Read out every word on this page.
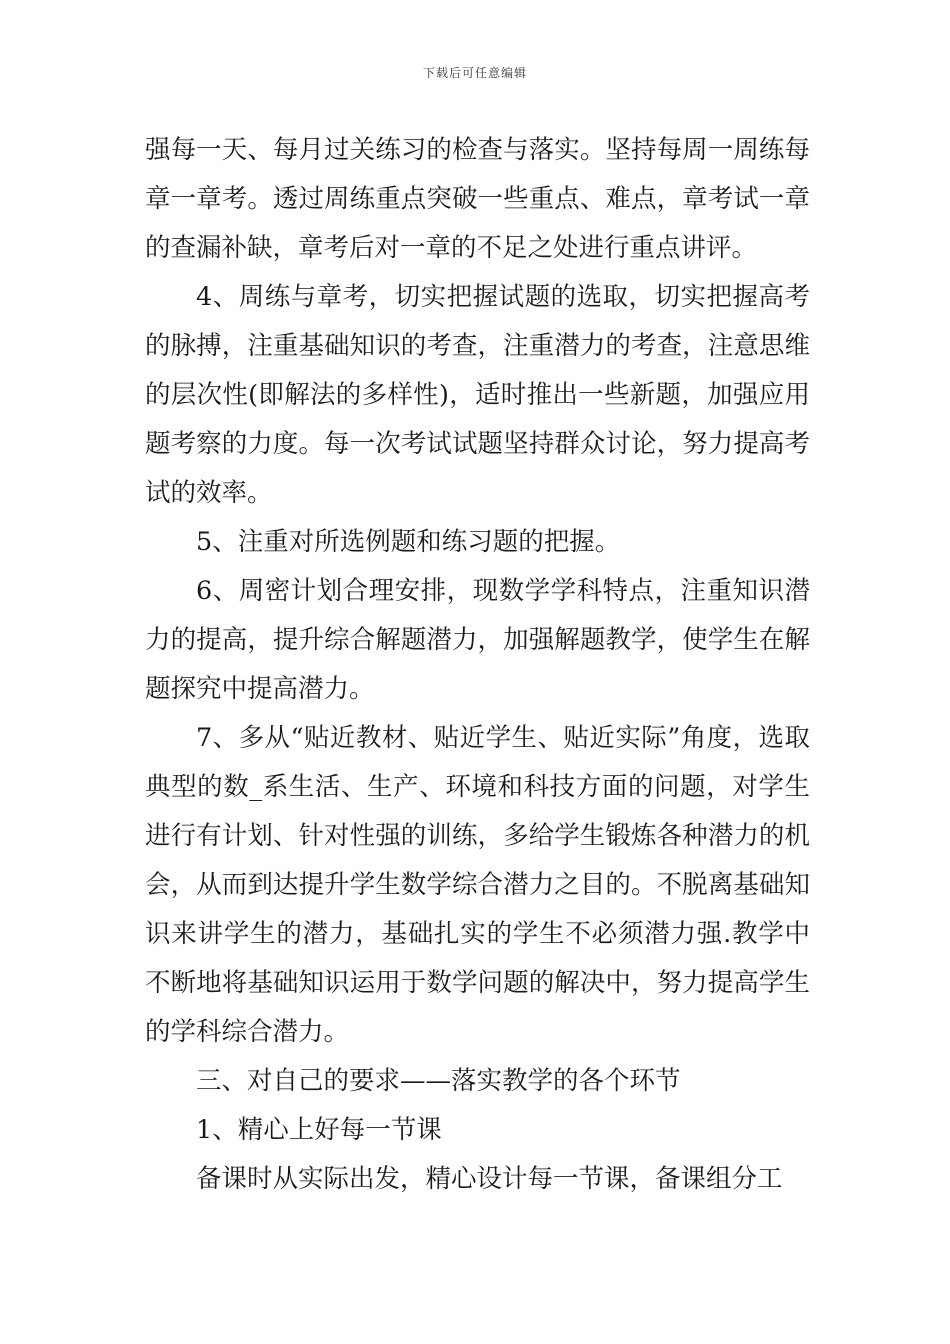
下载后可任意编辑

强每一天、每月过关练习的检查与落实。坚持每周一周练每章一章考。透过周练重点突破一些重点、难点，章考试一章的查漏补缺，章考后对一章的不足之处进行重点讲评。

4、周练与章考，切实把握试题的选取，切实把握高考的脉搏，注重基础知识的考查，注重潜力的考查，注意思维的层次性(即解法的多样性)，适时推出一些新题，加强应用题考察的力度。每一次考试试题坚持群众讨论，努力提高考试的效率。

5、注重对所选例题和练习题的把握。

6、周密计划合理安排，现数学学科特点，注重知识潜力的提高，提升综合解题潜力，加强解题教学，使学生在解题探究中提高潜力。

7、多从“贴近教材、贴近学生、贴近实际”角度，选取典型的数_系生活、生产、环境和科技方面的问题，对学生进行有计划、针对性强的训练，多给学生锻炼各种潜力的机会，从而到达提升学生数学综合潜力之目的。不脱离基础知识来讲学生的潜力，基础扎实的学生不必须潜力强.教学中不断地将基础知识运用于数学问题的解决中，努力提高学生的学科综合潜力。

三、对自己的要求——落实教学的各个环节

1、精心上好每一节课

备课时从实际出发，精心设计每一节课，备课组分工
